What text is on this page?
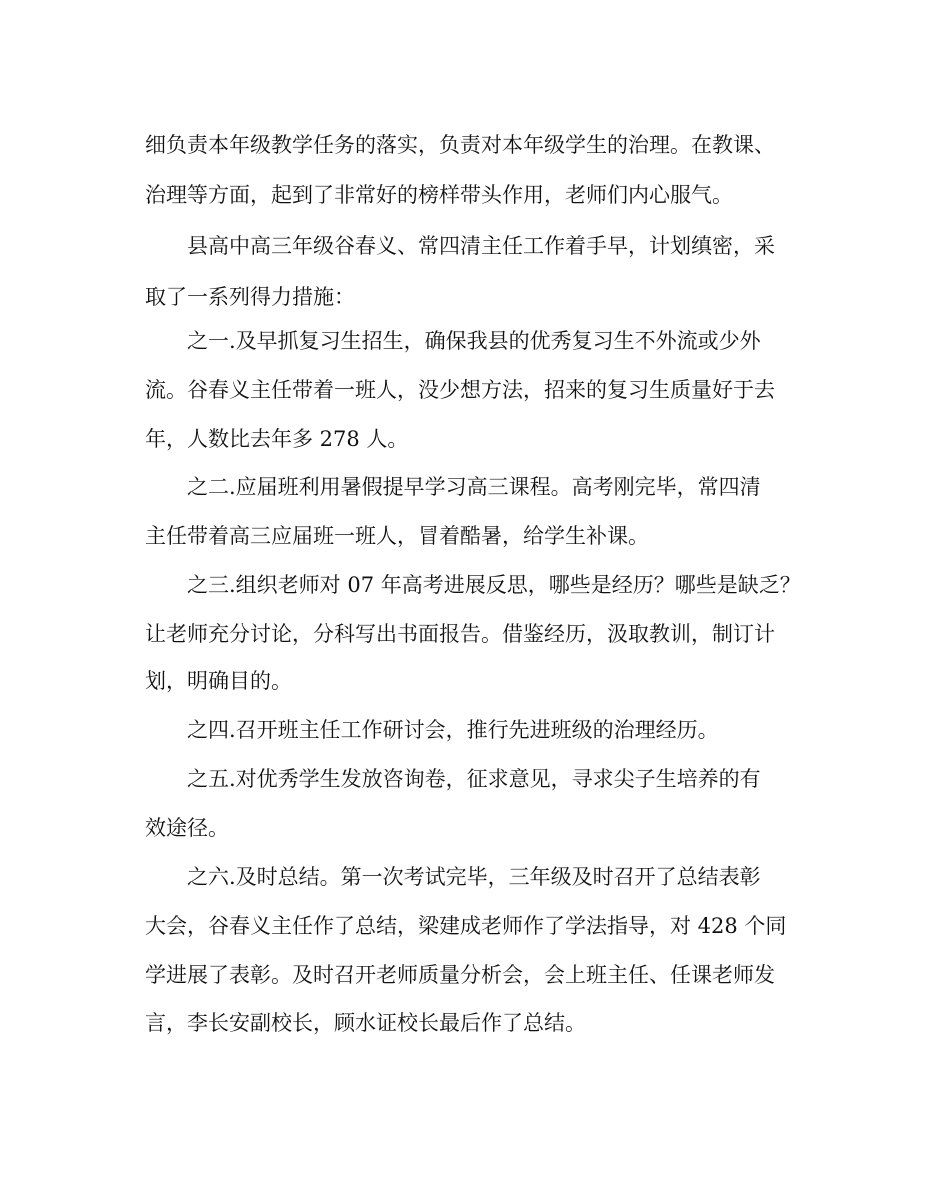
细负责本年级教学任务的落实，负责对本年级学生的治理。在教课、
治理等方面，起到了非常好的榜样带头作用，老师们内心服气。
县高中高三年级谷春义、常四清主任工作着手早，计划缜密，采
取了一系列得力措施：
之一.及早抓复习生招生，确保我县的优秀复习生不外流或少外
流。谷春义主任带着一班人，没少想方法，招来的复习生质量好于去
年，人数比去年多 278 人。
之二.应届班利用暑假提早学习高三课程。高考刚完毕，常四清
主任带着高三应届班一班人，冒着酷暑，给学生补课。
之三.组织老师对 07 年高考进展反思，哪些是经历？哪些是缺乏？
让老师充分讨论，分科写出书面报告。借鉴经历，汲取教训，制订计
划，明确目的。
之四.召开班主任工作研讨会，推行先进班级的治理经历。
之五.对优秀学生发放咨询卷，征求意见，寻求尖子生培养的有
效途径。
之六.及时总结。第一次考试完毕，三年级及时召开了总结表彰
大会，谷春义主任作了总结，梁建成老师作了学法指导，对 428 个同
学进展了表彰。及时召开老师质量分析会，会上班主任、任课老师发
言，李长安副校长，顾水证校长最后作了总结。
